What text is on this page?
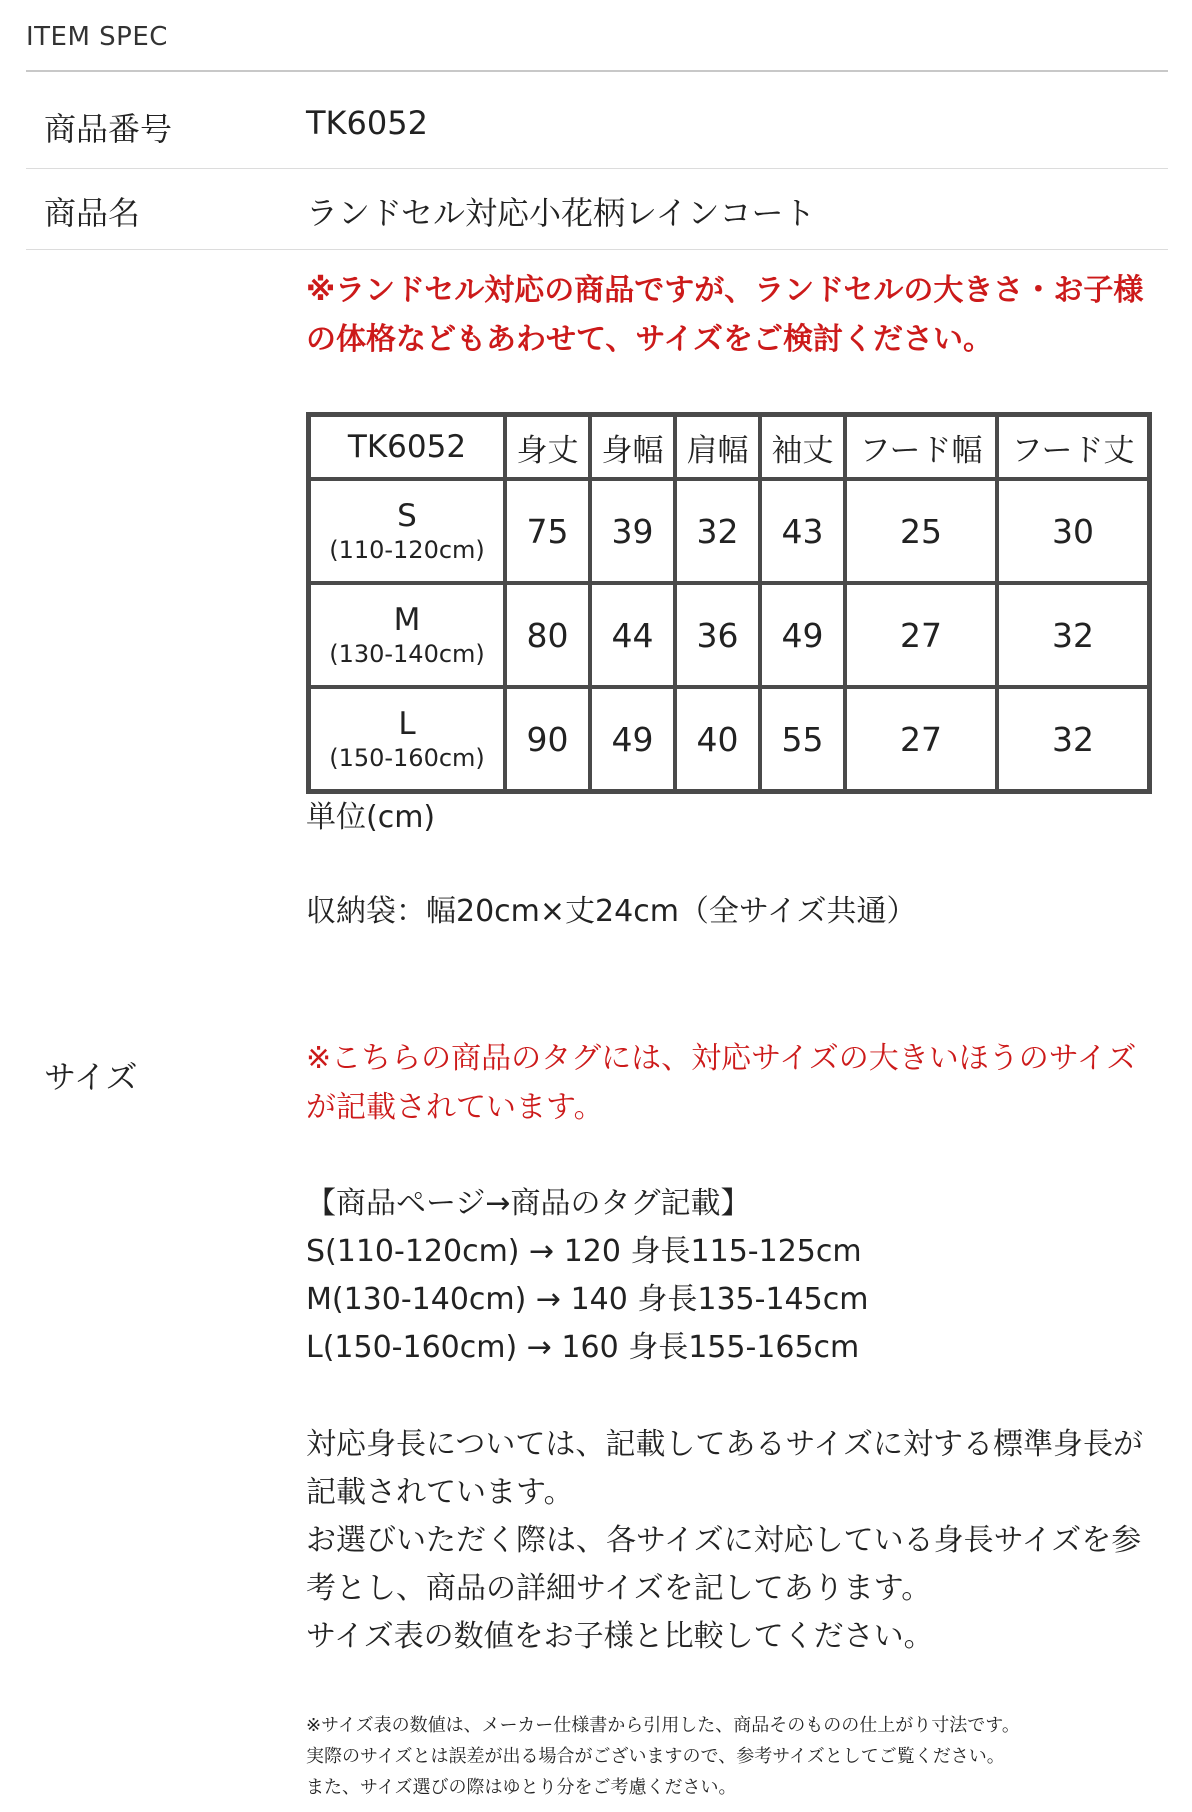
ITEM SPEC
商品番号	TK6052
商品名	ランドセル対応小花柄レインコート
※ランドセル対応の商品ですが、ランドセルの大きさ・お子様の体格などもあわせて、サイズをご検討ください。
TK6052	身丈	身幅	肩幅	袖丈	フード幅	フード丈

S
(110-120cm)	75	39	32	43	25	30

M
(130-140cm)	80	44	36	49	27	32

L
(150-160cm)	90	49	40	55	27	32
単位(cm)
収納袋：幅20cm×丈24cm（全サイズ共通）
サイズ	※こちらの商品のタグには、対応サイズの大きいほうのサイズが記載されています。
【商品ページ→商品のタグ記載】
S(110-120cm) → 120 身長115-125cm
M(130-140cm) → 140 身長135-145cm
L(150-160cm) → 160 身長155-165cm
対応身長については、記載してあるサイズに対する標準身長が記載されています。
お選びいただく際は、各サイズに対応している身長サイズを参考とし、商品の詳細サイズを記してあります。
サイズ表の数値をお子様と比較してください。
※サイズ表の数値は、メーカー仕様書から引用した、商品そのものの仕上がり寸法です。
実際のサイズとは誤差が出る場合がございますので、参考サイズとしてご覧ください。
また、サイズ選びの際はゆとり分をご考慮ください。
